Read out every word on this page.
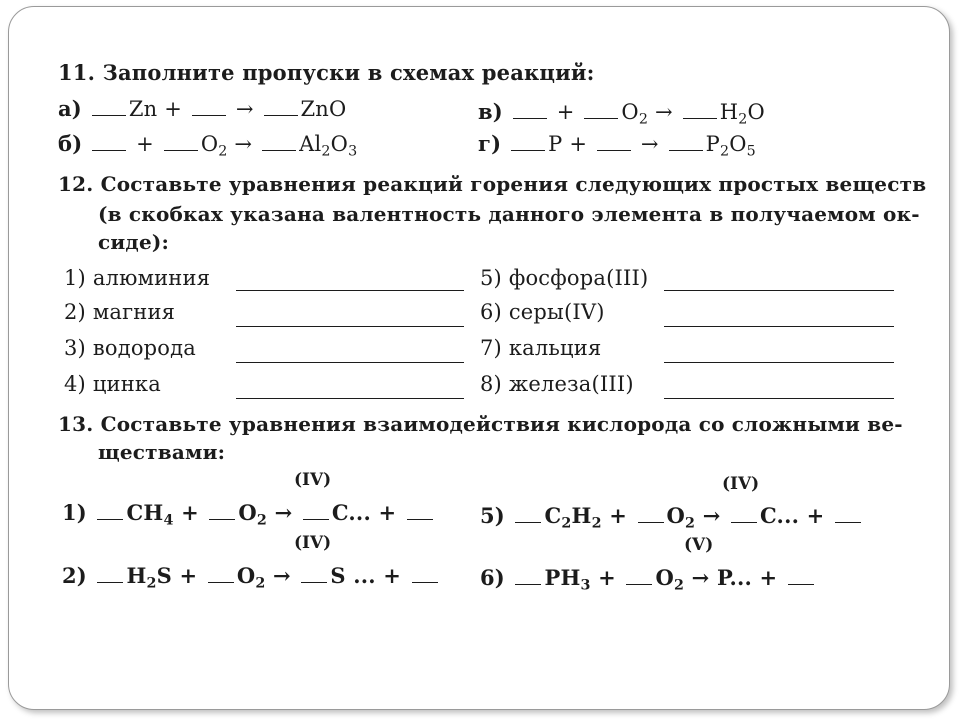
11. Заполните пропуски в схемах реакций:
а) Zn +	→ ZnO	в)	+ $O_2 \to H_2O$
б)	+ $O_2 \to Al_2O_3$	г) P +	→ $P_2O_5$
12. Составьте уравнения реакций горения следующих простых веществ
(в скобках указана валентность данного элемента в получаемом ок-
сиде):
1) алюминия
2) магния
3) водорода
4) цинка
5) фосфора(III)
6) серы(IV)
7) кальция
8) железа(III)
13. Составьте уравнения взаимодействия кислорода со сложными ве-
ществами:
(IV)
1) $CH_4 + O_2 \to C$... +
(IV)
5) $C_2H_2 + O_2 \to C$... +
(IV)
2) $H_2S + O_2 \to S$ ... +
(V)
6) $PH_3 + O_2 \to P$... +
